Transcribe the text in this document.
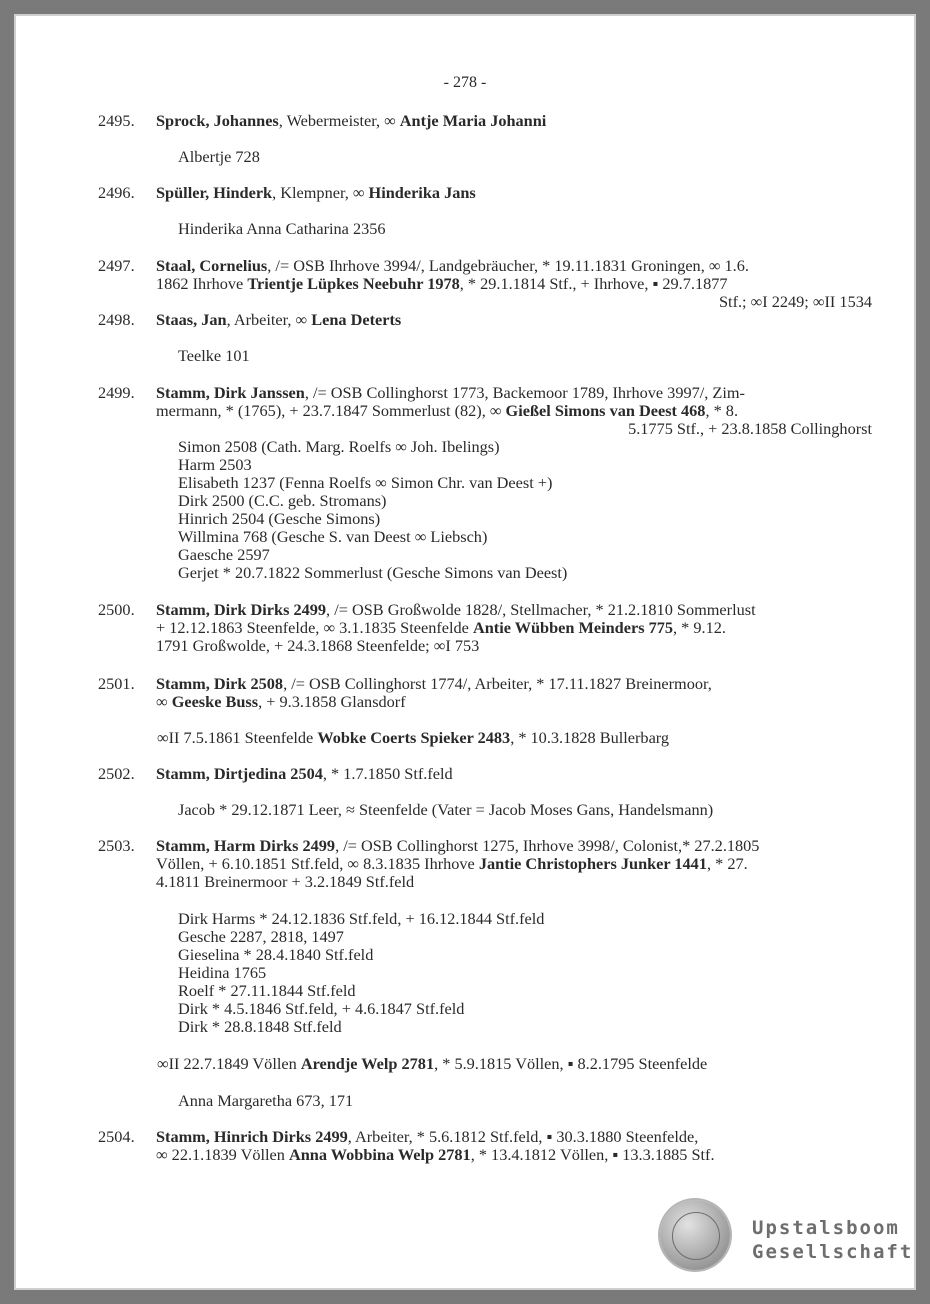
- 278 -
2495. Sprock, Johannes, Webermeister, ∞ Antje Maria Johanni
Albertje 728
2496. Spüller, Hinderk, Klempner, ∞ Hinderika Jans
Hinderika Anna Catharina 2356
2497. Staal, Cornelius, /= OSB Ihrhove 3994/, Landgebräucher, * 19.11.1831 Groningen, ∞ 1.6.
1862 Ihrhove Trientje Lüpkes Neebuhr 1978, * 29.1.1814 Stf., + Ihrhove, ▪ 29.7.1877
Stf.; ∞I 2249; ∞II 1534
2498. Staas, Jan, Arbeiter, ∞ Lena Deterts
Teelke 101
2499. Stamm, Dirk Janssen, /= OSB Collinghorst 1773, Backemoor 1789, Ihrhove 3997/, Zim-
mermann, * (1765), + 23.7.1847 Sommerlust (82), ∞ Gießel Simons van Deest 468, * 8.
5.1775 Stf., + 23.8.1858 Collinghorst
Simon 2508 (Cath. Marg. Roelfs ∞ Joh. Ibelings)
Harm 2503
Elisabeth 1237 (Fenna Roelfs ∞ Simon Chr. van Deest +)
Dirk 2500 (C.C. geb. Stromans)
Hinrich 2504 (Gesche Simons)
Willmina 768 (Gesche S. van Deest ∞ Liebsch)
Gaesche 2597
Gerjet * 20.7.1822 Sommerlust (Gesche Simons van Deest)
2500. Stamm, Dirk Dirks 2499, /= OSB Großwolde 1828/, Stellmacher, * 21.2.1810 Sommerlust
+ 12.12.1863 Steenfelde, ∞ 3.1.1835 Steenfelde Antie Wübben Meinders 775, * 9.12.
1791 Großwolde, + 24.3.1868 Steenfelde; ∞I 753
2501. Stamm, Dirk 2508, /= OSB Collinghorst 1774/, Arbeiter, * 17.11.1827 Breinermoor,
∞ Geeske Buss, + 9.3.1858 Glansdorf
∞II 7.5.1861 Steenfelde Wobke Coerts Spieker 2483, * 10.3.1828 Bullerbarg
2502. Stamm, Dirtjedina 2504, * 1.7.1850 Stf.feld
Jacob * 29.12.1871 Leer, ≈ Steenfelde (Vater = Jacob Moses Gans, Handelsmann)
2503. Stamm, Harm Dirks 2499, /= OSB Collinghorst 1275, Ihrhove 3998/, Colonist,* 27.2.1805
Völlen, + 6.10.1851 Stf.feld, ∞ 8.3.1835 Ihrhove Jantie Christophers Junker 1441, * 27.
4.1811 Breinermoor + 3.2.1849 Stf.feld
Dirk Harms * 24.12.1836 Stf.feld, + 16.12.1844 Stf.feld
Gesche 2287, 2818, 1497
Gieselina * 28.4.1840 Stf.feld
Heidina 1765
Roelf * 27.11.1844 Stf.feld
Dirk * 4.5.1846 Stf.feld, + 4.6.1847 Stf.feld
Dirk * 28.8.1848 Stf.feld
∞II 22.7.1849 Völlen Arendje Welp 2781, * 5.9.1815 Völlen, ▪ 8.2.1795 Steenfelde
Anna Margaretha 673, 171
2504. Stamm, Hinrich Dirks 2499, Arbeiter, * 5.6.1812 Stf.feld, ▪ 30.3.1880 Steenfelde,
∞ 22.1.1839 Völlen Anna Wobbina Welp 2781, * 13.4.1812 Völlen, ▪ 13.3.1885 Stf.
Upstalsboom
Gesellschaft
